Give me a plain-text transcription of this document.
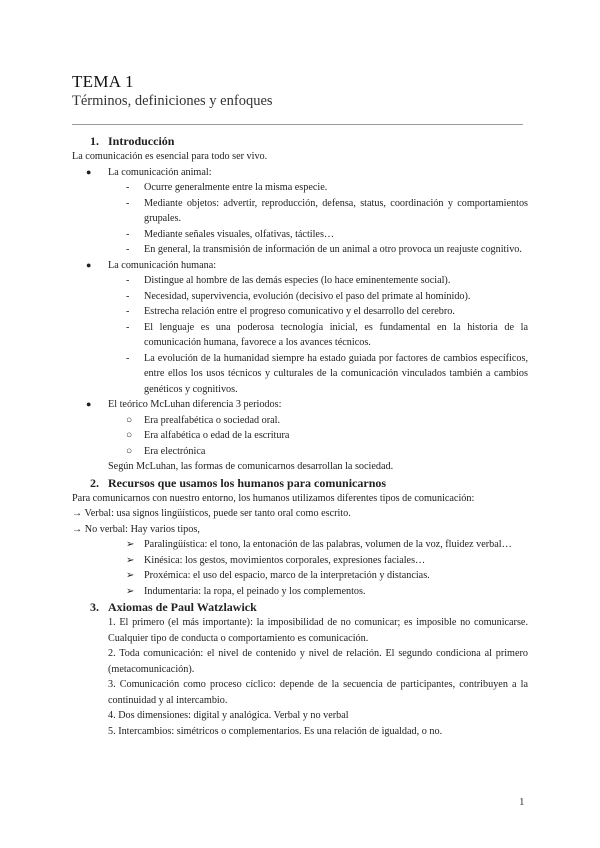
TEMA 1
Términos, definiciones y enfoques

1. Introducción

La comunicación es esencial para todo ser vivo.

● La comunicación animal:
- Ocurre generalmente entre la misma especie.
- Mediante objetos: advertir, reproducción, defensa, status, coordinación y comportamientos grupales.
- Mediante señales visuales, olfativas, táctiles…
- En general, la transmisión de información de un animal a otro provoca un reajuste cognitivo.
● La comunicación humana:
- Distingue al hombre de las demás especies (lo hace eminentemente social).
- Necesidad, supervivencia, evolución (decisivo el paso del primate al homínido).
- Estrecha relación entre el progreso comunicativo y el desarrollo del cerebro.
- El lenguaje es una poderosa tecnología inicial, es fundamental en la historia de la comunicación humana, favorece a los avances técnicos.
- La evolución de la humanidad siempre ha estado guiada por factores de cambios específicos, entre ellos los usos técnicos y culturales de la comunicación vinculados también a cambios genéticos y cognitivos.
● El teórico McLuhan diferencia 3 periodos:
○ Era prealfabética o sociedad oral.
○ Era alfabética o edad de la escritura
○ Era electrónica

Según McLuhan, las formas de comunicarnos desarrollan la sociedad.

2. Recursos que usamos los humanos para comunicarnos

Para comunicarnos con nuestro entorno, los humanos utilizamos diferentes tipos de comunicación:

→ Verbal: usa signos lingüísticos, puede ser tanto oral como escrito.

→ No verbal: Hay varios tipos,

➢ Paralingüística: el tono, la entonación de las palabras, volumen de la voz, fluidez verbal…
➢ Kinésica: los gestos, movimientos corporales, expresiones faciales…
➢ Proxémica: el uso del espacio, marco de la interpretación y distancias.
➢ Indumentaria: la ropa, el peinado y los complementos.

3. Axiomas de Paul Watzlawick

1. El primero (el más importante): la imposibilidad de no comunicar; es imposible no comunicarse. Cualquier tipo de conducta o comportamiento es comunicación.

2. Toda comunicación: el nivel de contenido y nivel de relación. El segundo condiciona al primero (metacomunicación).

3. Comunicación como proceso cíclico: depende de la secuencia de participantes, contribuyen a la continuidad y al intercambio.

4. Dos dimensiones: digital y analógica. Verbal y no verbal

5. Intercambios: simétricos o complementarios. Es una relación de igualdad, o no.

1
